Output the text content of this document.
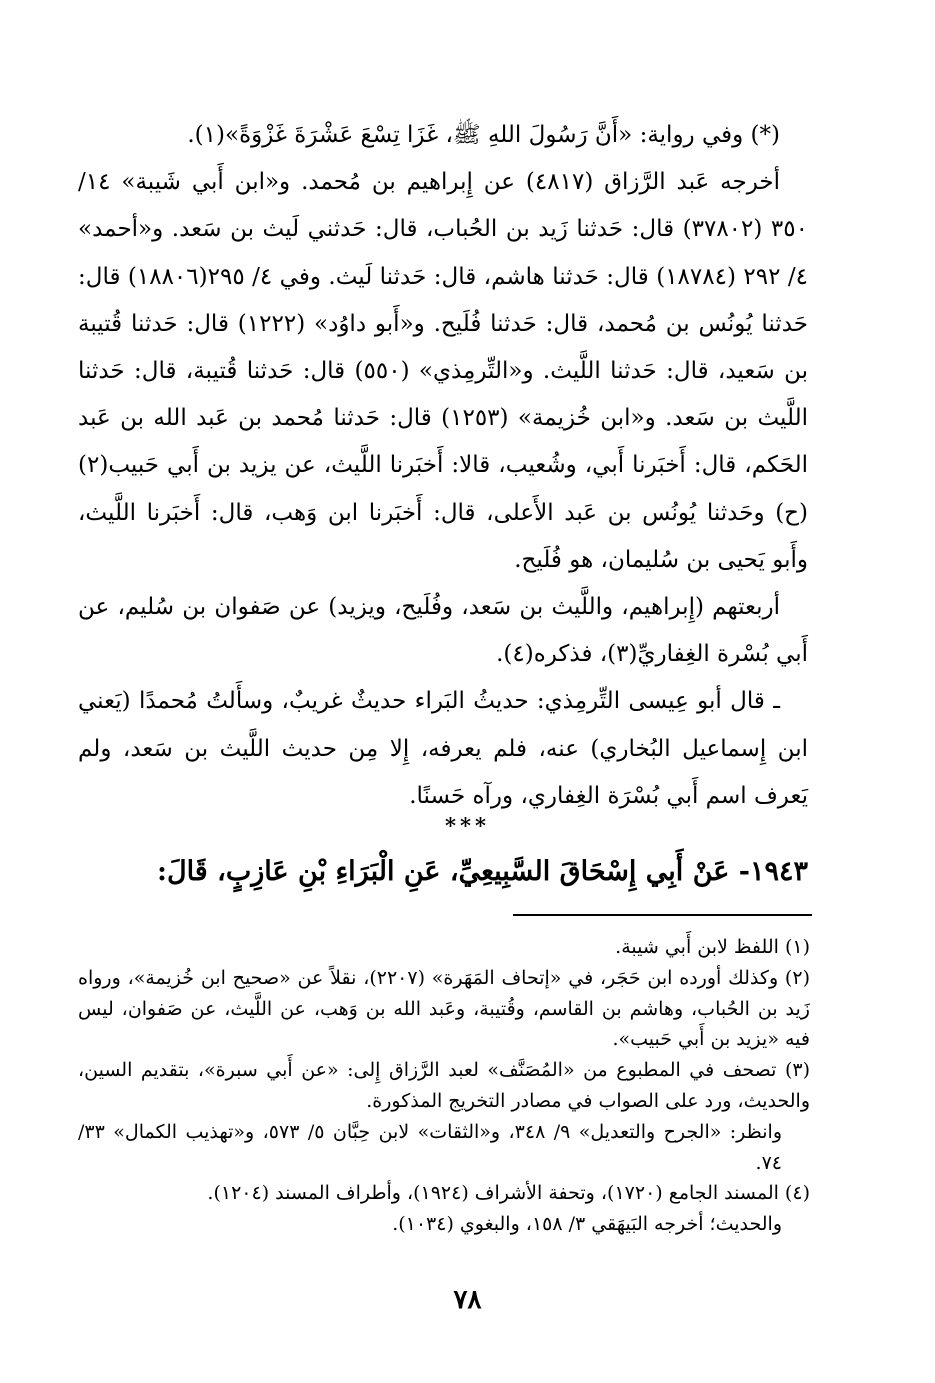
(*) وفي رواية: «أَنَّ رَسُولَ اللهِ ﷺ، غَزَا تِسْعَ عَشْرَةَ غَزْوَةً»(١).

أخرجه عَبد الرَّزاق (٤٨١٧) عن إِبراهيم بن مُحمد. و«ابن أَبي شَيبة» ١٤/ ٣٥٠ (٣٧٨٠٢) قال: حَدثنا زَيد بن الحُباب، قال: حَدثني لَيث بن سَعد. و«أحمد» ٤/ ٢٩٢ (١٨٧٨٤) قال: حَدثنا هاشم، قال: حَدثنا لَيث. وفي ٤/ ٢٩٥(١٨٨٠٦) قال: حَدثنا يُونُس بن مُحمد، قال: حَدثنا فُلَيح. و«أَبو داوُد» (١٢٢٢) قال: حَدثنا قُتيبة بن سَعيد، قال: حَدثنا اللَّيث. و«التِّرمِذي» (٥٥٠) قال: حَدثنا قُتيبة، قال: حَدثنا اللَّيث بن سَعد. و«ابن خُزيمة» (١٢٥٣) قال: حَدثنا مُحمد بن عَبد الله بن عَبد الحَكم، قال: أَخبَرنا أَبي، وشُعيب، قالا: أَخبَرنا اللَّيث، عن يزيد بن أَبي حَبيب(٢) (ح) وحَدثنا يُونُس بن عَبد الأَعلى، قال: أَخبَرنا ابن وَهب، قال: أَخبَرنا اللَّيث، وأَبو يَحيى بن سُليمان، هو فُلَيح.

أربعتهم (إِبراهيم، واللَّيث بن سَعد، وفُلَيح، ويزيد) عن صَفوان بن سُليم، عن أَبي بُسْرة الغِفاريِّ(٣)، فذكره(٤).

ـ قال أبو عِيسى التِّرمِذي: حديثُ البَراء حديثٌ غريبٌ، وسأَلتُ مُحمدًا (يَعني ابن إِسماعيل البُخاري) عنه، فلم يعرفه، إِلا مِن حديث اللَّيث بن سَعد، ولم يَعرف اسم أَبي بُسْرَة الغِفاري، ورآه حَسنًا.

***
١٩٤٣- عَنْ أَبِي إِسْحَاقَ السَّبِيعِيِّ، عَنِ الْبَرَاءِ بْنِ عَازِبٍ، قَالَ:

(١) اللفظ لابن أَبي شيبة.

(٢) وكذلك أورده ابن حَجَر، في «إتحاف المَهَرة» (٢٢٠٧)، نقلاً عن «صحيح ابن خُزيمة»، ورواه زَيد بن الحُباب، وهاشم بن القاسم، وقُتيبة، وعَبد الله بن وَهب، عن اللَّيث، عن صَفوان، ليس فيه «يزيد بن أَبي حَبيب».

(٣) تصحف في المطبوع من «المُصَنَّف» لعبد الرَّزاق إِلى: «عن أَبي سبرة»، بتقديم السين، والحديث، ورد على الصواب في مصادر التخريج المذكورة.

وانظر: «الجرح والتعديل» ٩/ ٣٤٨، و«الثقات» لابن حِبَّان ٥/ ٥٧٣، و«تهذيب الكمال» ٣٣/ ٧٤.

(٤) المسند الجامع (١٧٢٠)، وتحفة الأشراف (١٩٢٤)، وأطراف المسند (١٢٠٤).

والحديث؛ أخرجه البَيهَقي ٣/ ١٥٨، والبغوي (١٠٣٤).

٧٨
